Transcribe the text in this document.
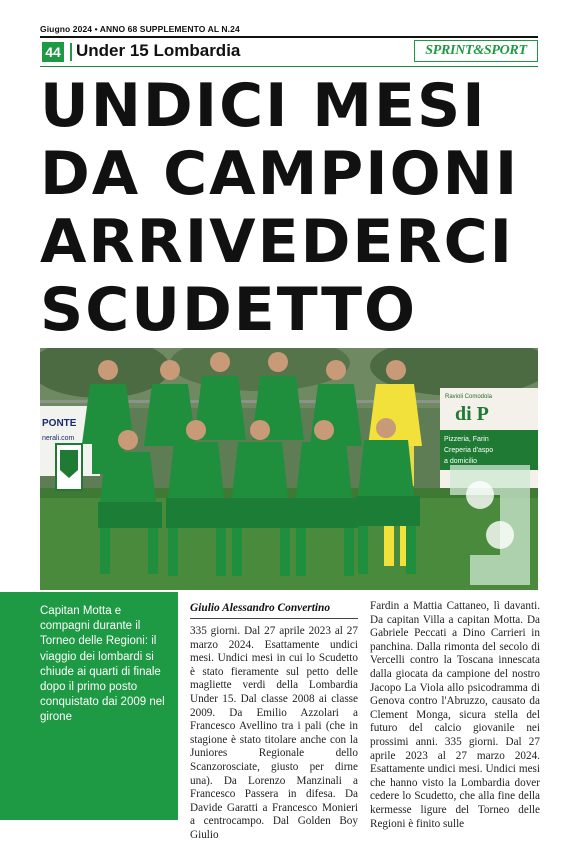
Giugno 2024 • ANNO 68 SUPPLEMENTO AL N.24
44 Under 15 Lombardia	SPRINT&SPORT
UNDICI MESI
DA CAMPIONI
ARRIVEDERCI
SCUDETTO
PONTE
nerali.com
Ravioli Comodola
di P
Pizzeria, Farin
Creperia d'aspo
a domicilio
Capitan Motta e compagni durante il Torneo delle Regioni: il viaggio dei lombardi si chiude ai quarti di finale dopo il primo posto conquistato dai 2009 nel girone
Giulio Alessandro Convertino
335 giorni. Dal 27 aprile 2023 al 27 marzo 2024. Esattamente undici mesi. Undici mesi in cui lo Scudetto è stato fieramente sul petto delle magliette verdi della Lombardia Under 15. Dal classe 2008 ai classe 2009. Da Emilio Azzolari a Francesco Avellino tra i pali (che in stagione è stato titolare anche con la Juniores Regionale dello Scanzorosciate, giusto per dirne una). Da Lorenzo Manzinali a Francesco Passera in difesa. Da Davide Garatti a Francesco Monieri a centrocampo. Dal Golden Boy Giulio
Fardin a Mattia Cattaneo, lì davanti. Da capitan Villa a capitan Motta. Da Gabriele Peccati a Dino Carrieri in panchina. Dalla rimonta del secolo di Vercelli contro la Toscana innescata dalla giocata da campione del nostro Jacopo La Viola allo psicodramma di Genova contro l'Abruzzo, causato da Clement Monga, sicura stella del futuro del calcio giovanile nei prossimi anni. 335 giorni. Dal 27 aprile 2023 al 27 marzo 2024. Esattamente undici mesi. Undici mesi che hanno visto la Lombardia dover cedere lo Scudetto, che alla fine della kermesse ligure del Torneo delle Regioni è finito sulle
